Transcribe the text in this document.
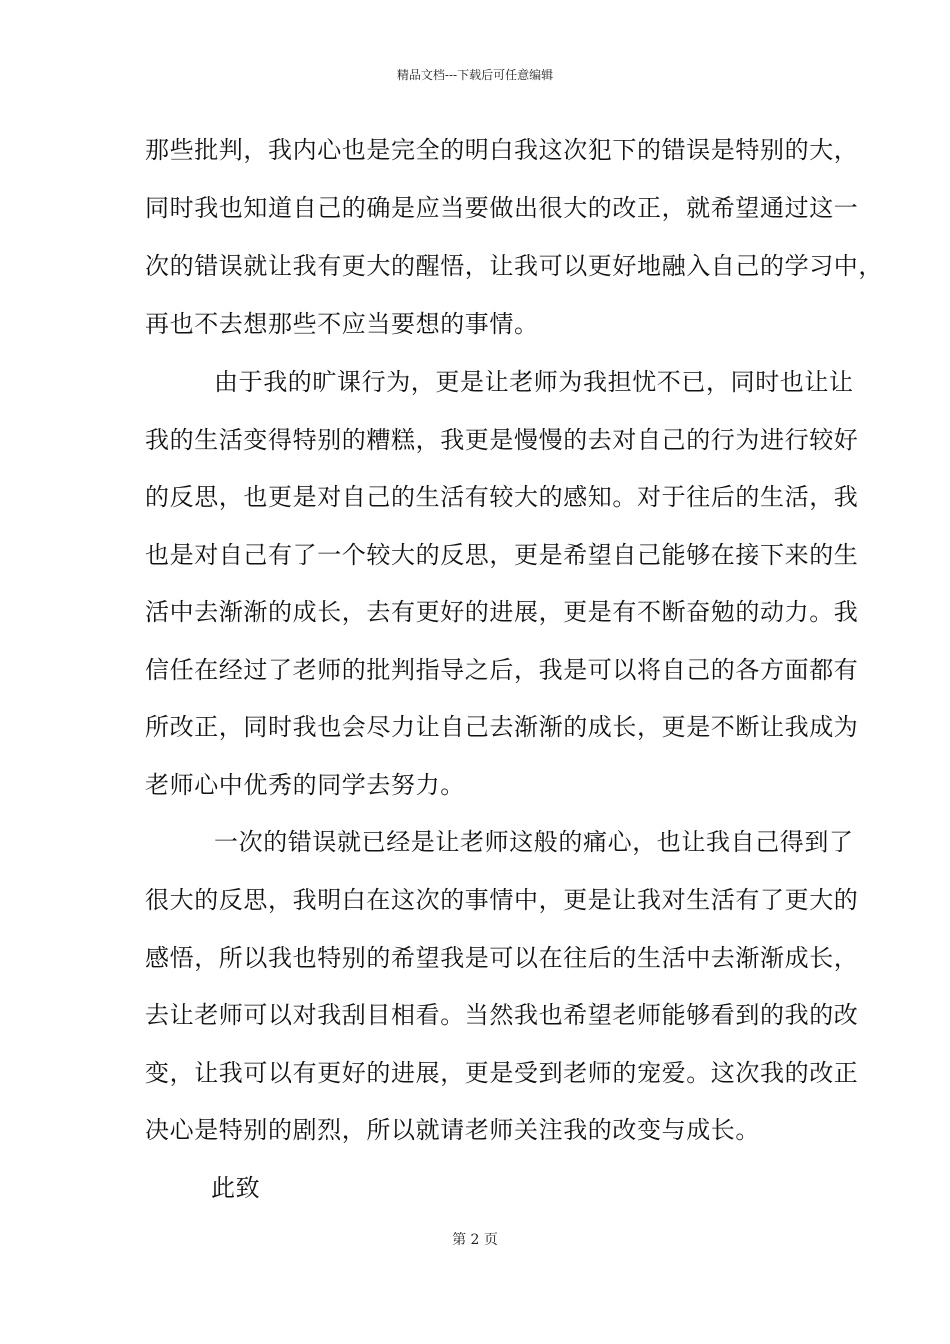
精品文档---下载后可任意编辑
那些批判，我内心也是完全的明白我这次犯下的错误是特别的大，
同时我也知道自己的确是应当要做出很大的改正，就希望通过这一
次的错误就让我有更大的醒悟，让我可以更好地融入自己的学习中，
再也不去想那些不应当要想的事情。
由于我的旷课行为，更是让老师为我担忧不已，同时也让让
我的生活变得特别的糟糕，我更是慢慢的去对自己的行为进行较好
的反思，也更是对自己的生活有较大的感知。对于往后的生活，我
也是对自己有了一个较大的反思，更是希望自己能够在接下来的生
活中去渐渐的成长，去有更好的进展，更是有不断奋勉的动力。我
信任在经过了老师的批判指导之后，我是可以将自己的各方面都有
所改正，同时我也会尽力让自己去渐渐的成长，更是不断让我成为
老师心中优秀的同学去努力。
一次的错误就已经是让老师这般的痛心，也让我自己得到了
很大的反思，我明白在这次的事情中，更是让我对生活有了更大的
感悟，所以我也特别的希望我是可以在往后的生活中去渐渐成长，
去让老师可以对我刮目相看。当然我也希望老师能够看到的我的改
变，让我可以有更好的进展，更是受到老师的宠爱。这次我的改正
决心是特别的剧烈，所以就请老师关注我的改变与成长。
此致
第 2 页
